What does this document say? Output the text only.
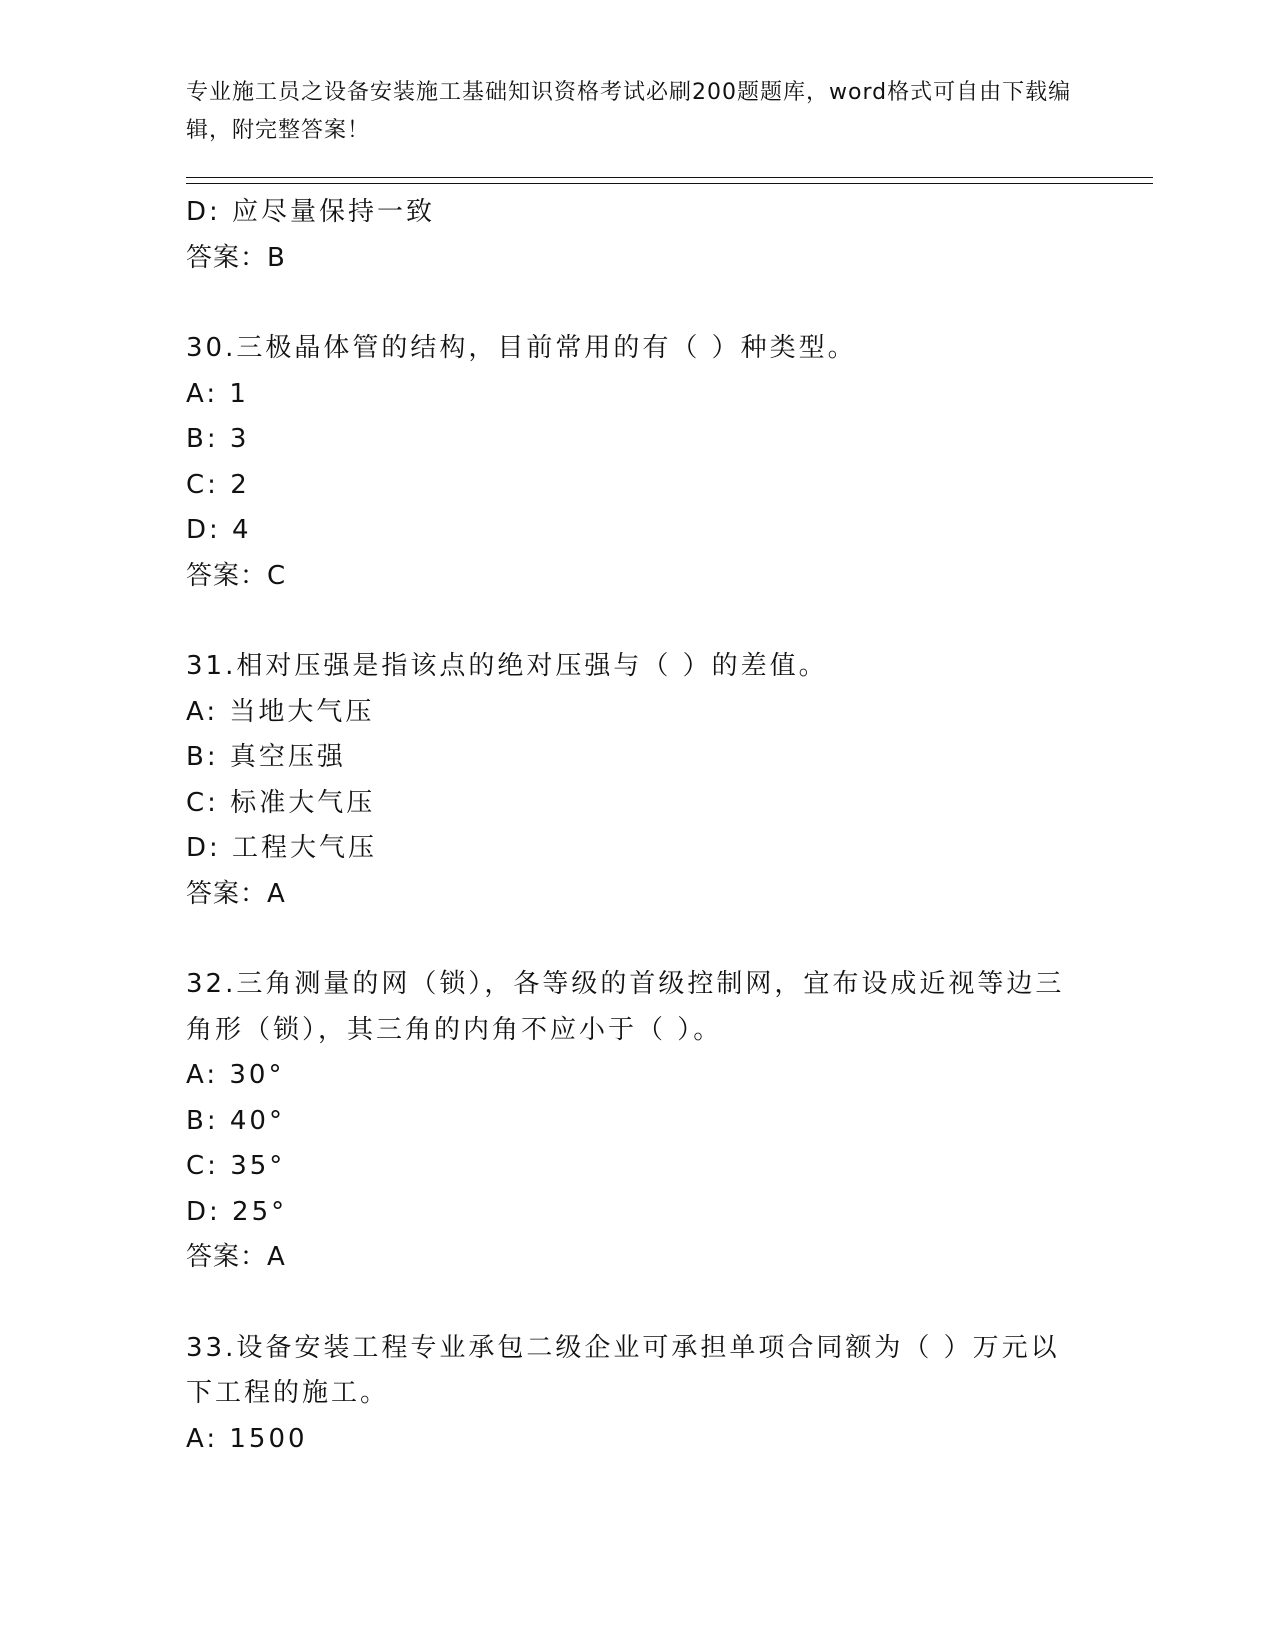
专业施工员之设备安装施工基础知识资格考试必刷200题题库，word格式可自由下载编辑，附完整答案！
D: 应尽量保持一致
答案：B
30.三极晶体管的结构，目前常用的有（ ）种类型。
A: 1
B: 3
C: 2
D: 4
答案：C
31.相对压强是指该点的绝对压强与（ ）的差值。
A: 当地大气压
B: 真空压强
C: 标准大气压
D: 工程大气压
答案：A
32.三角测量的网（锁），各等级的首级控制网，宜布设成近视等边三角形（锁），其三角的内角不应小于（ ）。
A: 30°
B: 40°
C: 35°
D: 25°
答案：A
33.设备安装工程专业承包二级企业可承担单项合同额为（ ）万元以下工程的施工。
A: 1500
